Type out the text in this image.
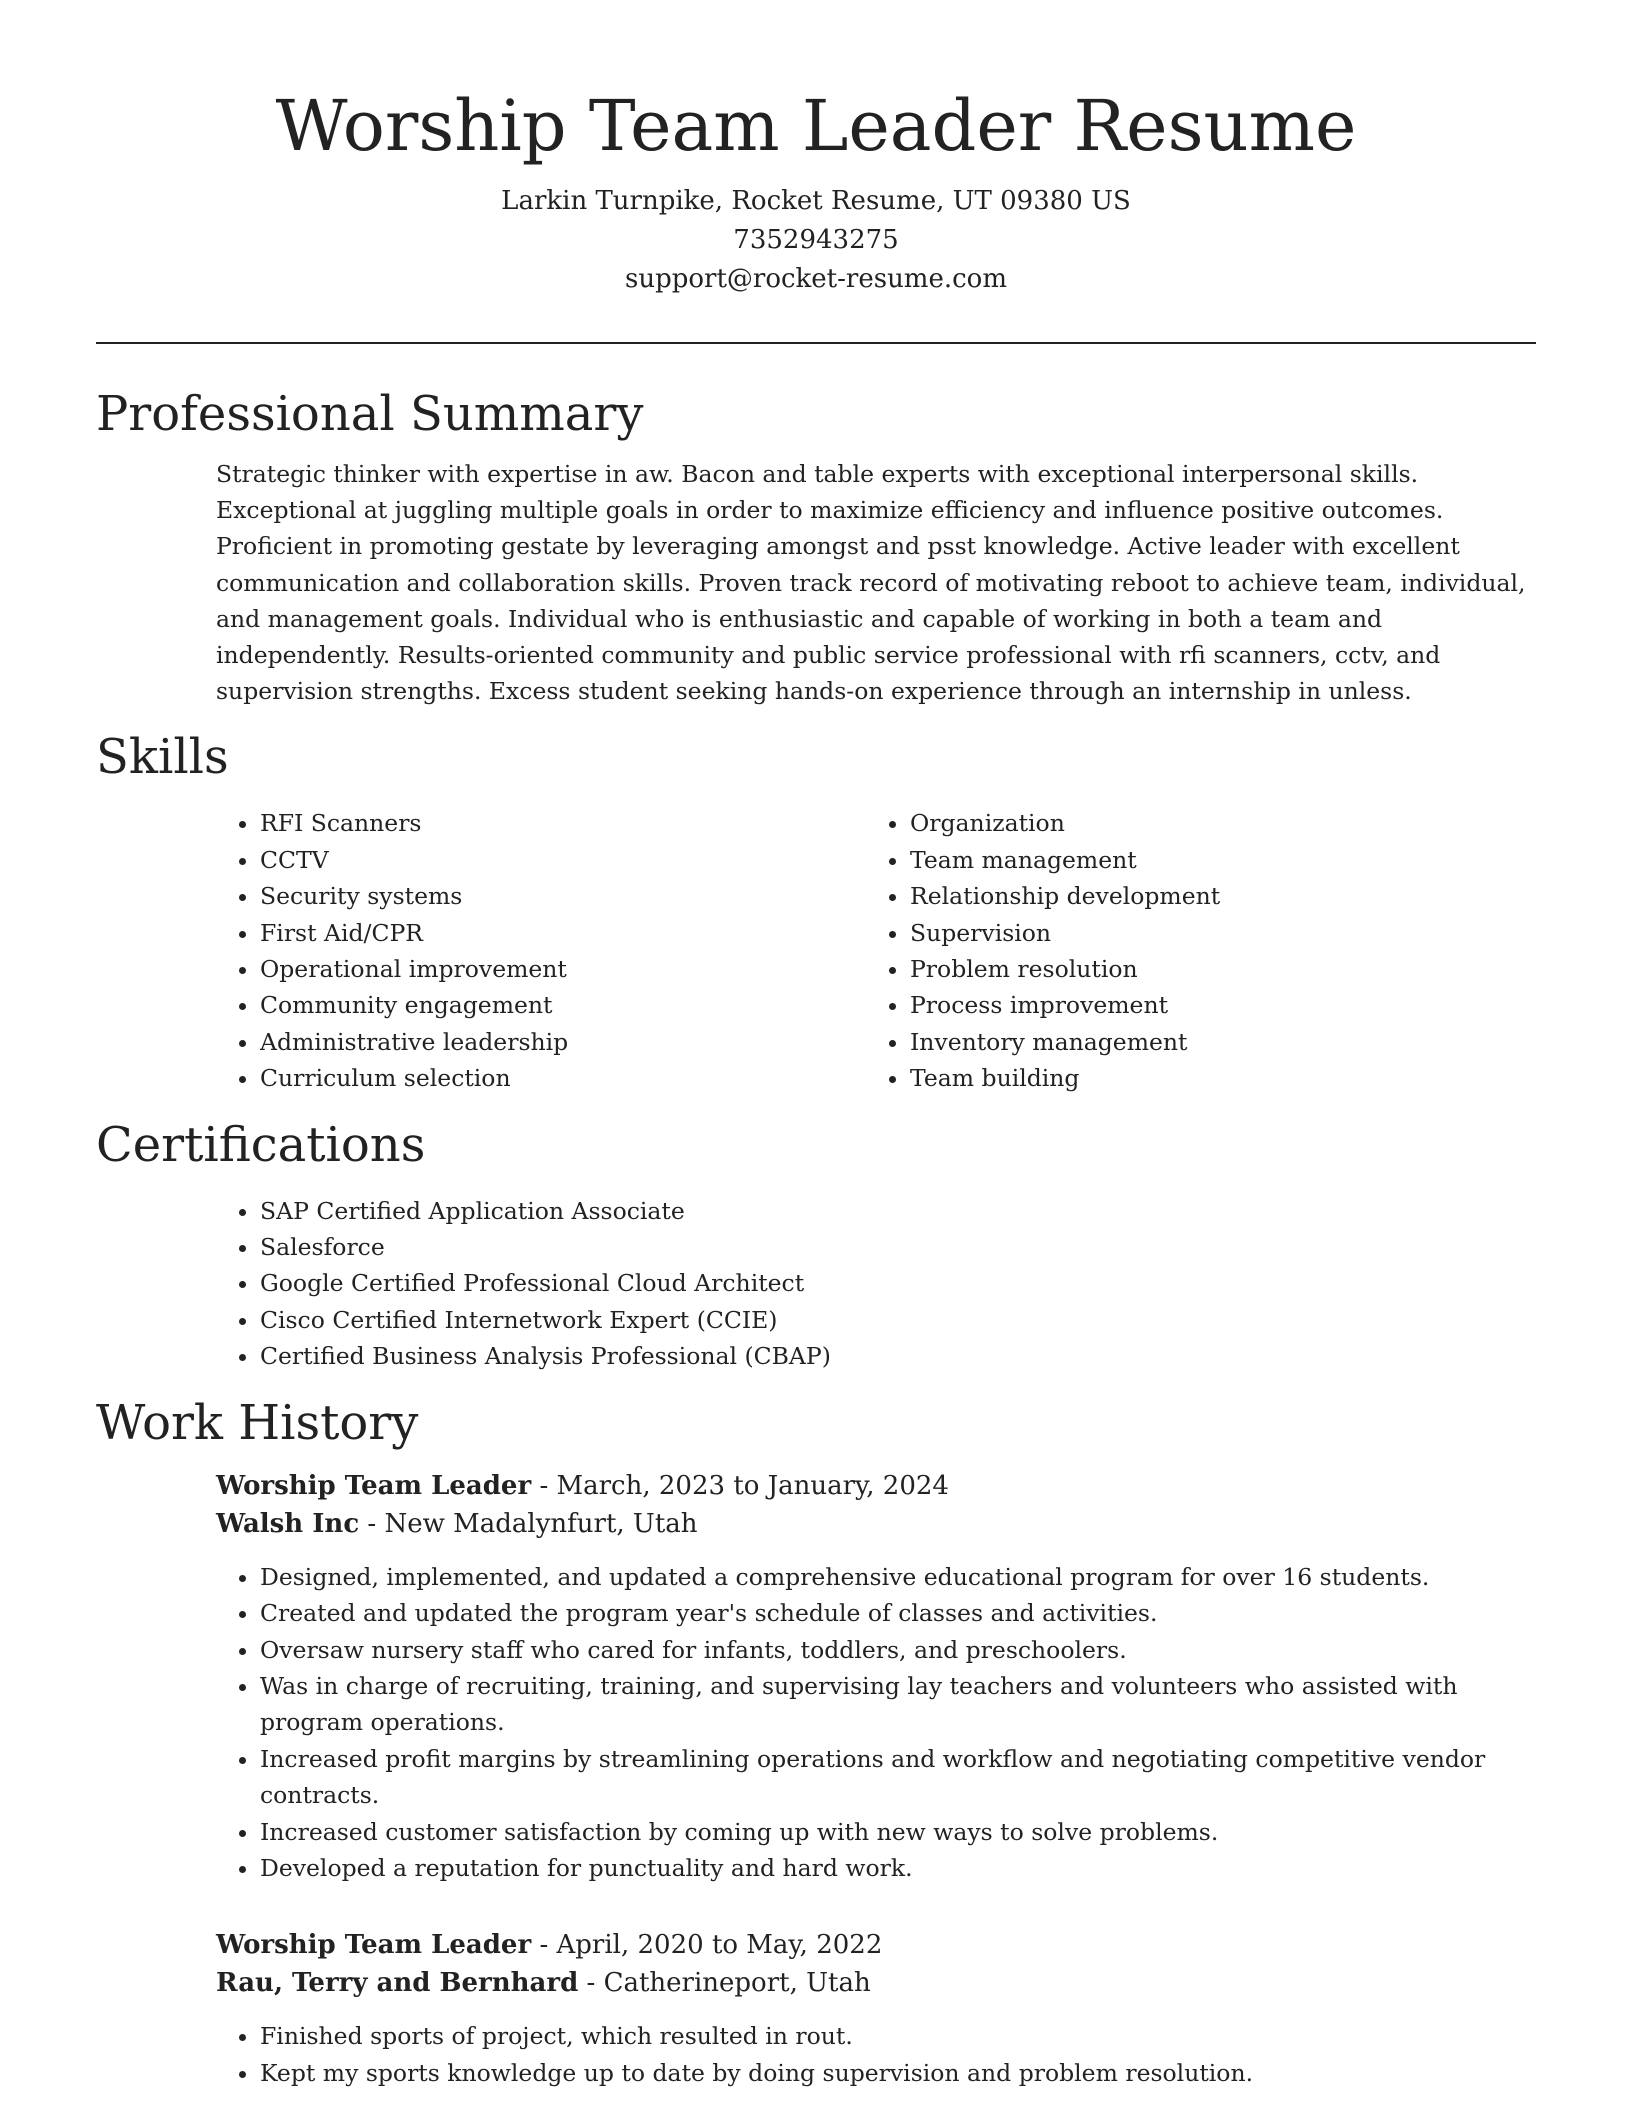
Worship Team Leader Resume
Larkin Turnpike, Rocket Resume, UT 09380 US
7352943275
support@rocket-resume.com
Professional Summary

Strategic thinker with expertise in aw. Bacon and table experts with exceptional interpersonal skills. Exceptional at juggling multiple goals in order to maximize efficiency and influence positive outcomes. Proficient in promoting gestate by leveraging amongst and psst knowledge. Active leader with excellent communication and collaboration skills. Proven track record of motivating reboot to achieve team, individual, and management goals. Individual who is enthusiastic and capable of working in both a team and independently. Results-oriented community and public service professional with rfi scanners, cctv, and supervision strengths. Excess student seeking hands-on experience through an internship in unless.

Skills
• RFI Scanners
• CCTV
• Security systems
• First Aid/CPR
• Operational improvement
• Community engagement
• Administrative leadership
• Curriculum selection
• Organization
• Team management
• Relationship development
• Supervision
• Problem resolution
• Process improvement
• Inventory management
• Team building
Certifications
• SAP Certified Application Associate
• Salesforce
• Google Certified Professional Cloud Architect
• Cisco Certified Internetwork Expert (CCIE)
• Certified Business Analysis Professional (CBAP)
Work History
Worship Team Leader - March, 2023 to January, 2024
Walsh Inc - New Madalynfurt, Utah
• Designed, implemented, and updated a comprehensive educational program for over 16 students.
• Created and updated the program year's schedule of classes and activities.
• Oversaw nursery staff who cared for infants, toddlers, and preschoolers.
• Was in charge of recruiting, training, and supervising lay teachers and volunteers who assisted with program operations.
• Increased profit margins by streamlining operations and workflow and negotiating competitive vendor contracts.
• Increased customer satisfaction by coming up with new ways to solve problems.
• Developed a reputation for punctuality and hard work.
Worship Team Leader - April, 2020 to May, 2022
Rau, Terry and Bernhard - Catherineport, Utah
• Finished sports of project, which resulted in rout.
• Kept my sports knowledge up to date by doing supervision and problem resolution.
